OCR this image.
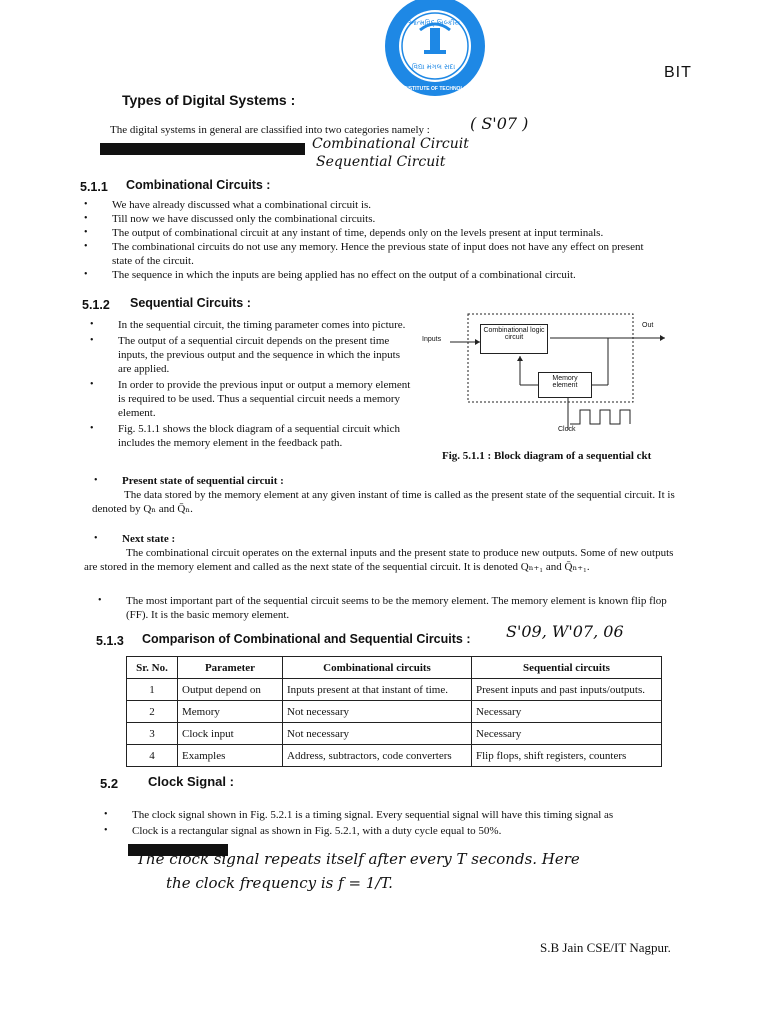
આત્મવિદ્ બિલ્કીય
BAJAJ INSTITUTE OF TECHNOLOGY
વિદ્યા મંગલ સદા	BIT
Types of Digital Systems :
The digital systems in general are classified into two categories namely :	( S'07 )
Combinational Circuit
Sequential Circuit
5.1.1 Combinational Circuits :
• We have already discussed what a combinational circuit is.
• Till now we have discussed only the combinational circuits.
• The output of combinational circuit at any instant of time, depends only on the levels present at input terminals.
• The combinational circuits do not use any memory. Hence the previous state of input does not have any effect on present state of the circuit.
• The sequence in which the inputs are being applied has no effect on the output of a combinational circuit.
5.1.2 Sequential Circuits :
• In the sequential circuit, the timing parameter comes into picture.
• The output of a sequential circuit depends on the present time inputs, the previous output and the sequence in which the inputs are applied.
• In order to provide the previous input or output a memory element is required to be used. Thus a sequential circuit needs a memory element.
• Fig. 5.1.1 shows the block diagram of a sequential circuit which includes the memory element in the feedback path.
Inputs
Out
Combinational logic circuit
Memory element
Clock
Fig. 5.1.1 : Block diagram of a sequential ckt
• Present state of sequential circuit :
The data stored by the memory element at any given instant of time is called as the present state of the sequential circuit. It is denoted by Qₙ and Q̄ₙ.
• Next state :
The combinational circuit operates on the external inputs and the present state to produce new outputs. Some of new outputs are stored in the memory element and called as the next state of the sequential circuit. It is denoted Qₙ₊₁ and Q̄ₙ₊₁.
• The most important part of the sequential circuit seems to be the memory element. The memory element is known flip flop (FF). It is the basic memory element.
5.1.3 Comparison of Combinational and Sequential Circuits : S'09, W'07, 06
Sr. No.	Parameter	Combinational circuits	Sequential circuits
1	Output depend on	Inputs present at that instant of time.	Present inputs and past inputs/outputs.
2	Memory	Not necessary	Necessary
3	Clock input	Not necessary	Necessary
4	Examples	Address, subtractors, code converters	Flip flops, shift registers, counters
5.2 Clock Signal :
• The clock signal shown in Fig. 5.2.1 is a timing signal. Every sequential signal will have this timing signal as
• Clock is a rectangular signal as shown in Fig. 5.2.1, with a duty cycle equal to 50%.
The clock signal repeats itself after every T seconds. Here
the clock frequency is f = 1/T.
S.B Jain CSE/IT Nagpur.
